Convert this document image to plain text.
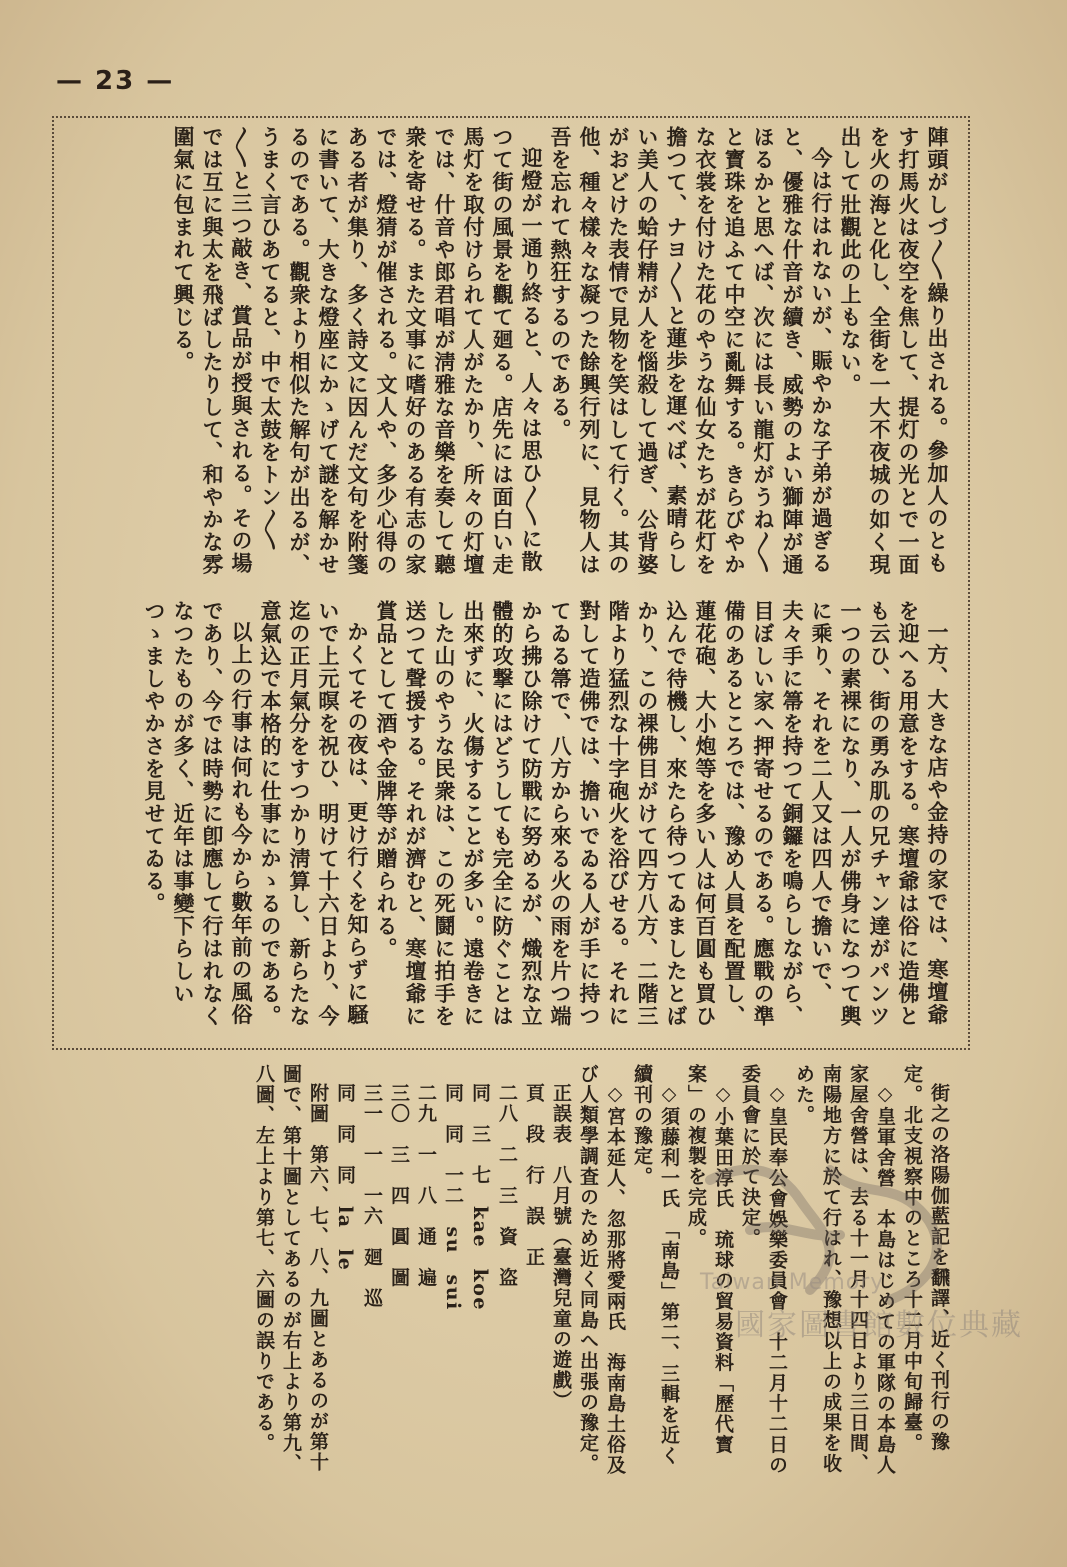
— 23 —

陣頭がしづ〳〵繰り出される。參加人のともす打馬火は夜空を焦して、提灯の光とで一面を火の海と化し、全街を一大不夜城の如く現出して壯觀此の上もない。

今は行はれないが、賑やかな子弟が過ぎると、優雅な什音が續き、威勢のよい獅陣が通ほるかと思へば、次には長い龍灯がうね〳〵と寳珠を追ふて中空に亂舞する。きらびやかな衣裳を付けた花のやうな仙女たちが花灯を擔つて、ナヨ〳〵と蓮歩を運べば、素晴らしい美人の蛤仔精が人を惱殺して過ぎ、公背婆がおどけた表情で見物を笑はして行く。其の他、種々樣々な凝つた餘興行列に、見物人は吾を忘れて熱狂するのである。

迎燈が一通り終ると、人々は思ひ〳〵に散つて街の風景を觀て廻る。店先には面白い走馬灯を取付けられて人がたかり、所々の灯壇では、什音や郎君唱が淸雅な音樂を奏して聽衆を寄せる。また文事に嗜好のある有志の家では、燈猜が催される。文人や、多少心得のある者が集り、多く詩文に因んだ文句を附箋に書いて、大きな燈座にかゝげて謎を解かせるのである。觀衆より相似た解句が出るが、うまく言ひあてると、中で太鼓をトン〳〵〳〵と三つ敲き、賞品が授與される。その場では互に與太を飛ばしたりして、和やかな雰圍氣に包まれて興じる。

一方、大きな店や金持の家では、寒壇爺を迎へる用意をする。寒壇爺は俗に造佛とも云ひ、街の勇み肌の兄チャン達がパンツ一つの素裸になり、一人が佛身になつて輿に乘り、それを二人又は四人で擔いで、夫々手に箒を持つて銅鑼を鳴らしながら、目ぼしい家へ押寄せるのである。應戰の準備のあるところでは、豫め人員を配置し、蓮花砲、大小炮等を多い人は何百圓も買ひ込んで待機し、來たら待つてゐましたとばかり、この裸佛目がけて四方八方、二階三階より猛烈な十字砲火を浴びせる。それに對して造佛では、擔いでゐる人が手に持つてゐる箒で、八方から來る火の雨を片つ端から拂ひ除けて防戰に努めるが、熾烈な立體的攻撃にはどうしても完全に防ぐことは出來ずに、火傷することが多い。遠卷きにした山のやうな民衆は、この死鬪に拍手を送つて聲援する。それが濟むと、寒壇爺に賞品として酒や金牌等が贈られる。

かくてその夜は、更け行くを知らずに騒いで上元暝を祝ひ、明けて十六日より、今迄の正月氣分をすつかり淸算し、新らたな意氣込で本格的に仕事にかゝるのである。

以上の行事は何れも今から數年前の風俗であり、今では時勢に卽應して行はれなくなつたものが多く、近年は事變下らしいつゝましやかさを見せてゐる。

街之の洛陽伽藍記を飜譯、近く刊行の豫定。北支視察中のところ十二月中旬歸臺。

◇皇軍舍營　本島はじめての軍隊の本島人家屋舍營は、去る十一月十四日より三日間、南陽地方に於て行はれ、豫想以上の成果を收めた。

◇皇民奉公會娛樂委員會　十二月十二日の委員會に於て決定。

◇小葉田淳氏　琉球の貿易資料「歷代寳案」の複製を完成。

◇須藤利一氏　「南島」第二、三輯を近く續刊の豫定。

◇宮本延人、忽那將愛兩氏　海南島土俗及び人類學調査のため近く同島へ出張の豫定。

正誤表　八月號（臺灣兒童の遊戲）

頁　段　行　誤　正

二八　二　三　資　盗

同　三　七　kae　koe

同　同　一二　su　sui

二九　一　八　通　遍

三〇　三　四　圓　圖

三一　一　一六　廻　巡

同　同　同　la　le

附圖　第六、七、八、九圖とあるのが第十圖で、第十圖としてあるのが右上より第九、八圖、左上より第七、六圖の誤りである。	Taiwan Memory
國家圖書館數位典藏
